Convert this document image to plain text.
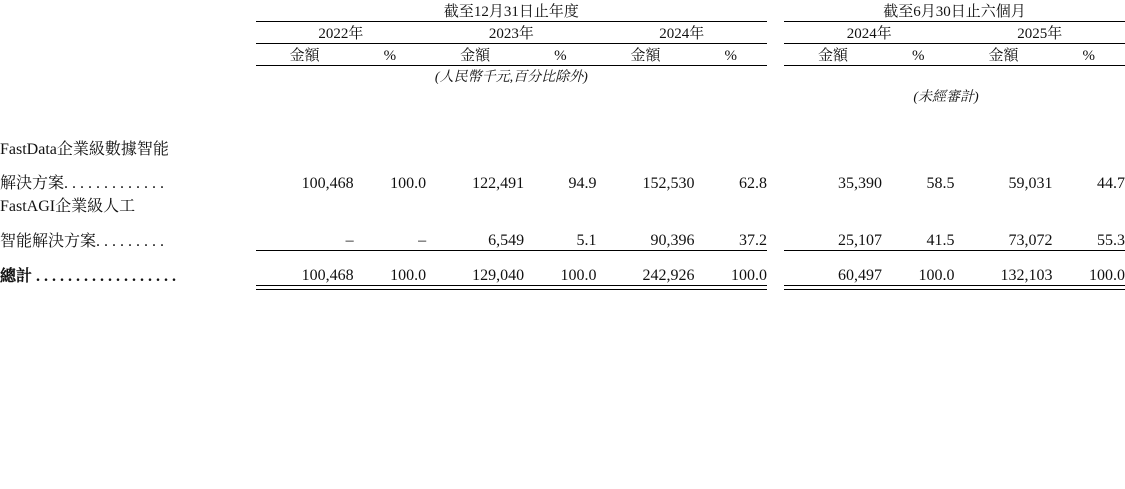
	截至12月31日止年度							截至6月30日止六個月			
	2022年		2023年		2024年			2024年		2025年	
	金額	%	金額	%	金額	%		金額	%	金額	%
	(人民幣千元,百分比除外)										
							(未經審計)				

FastData企業級數據智能											
解決方案. . . . . . . . . . . . .	100,468	100.0	122,491	94.9	152,530	62.8		35,390	58.5	59,031	44.7
FastAGI企業級人工											
智能解決方案. . . . . . . . .	–	–	6,549	5.1	90,396	37.2		25,107	41.5	73,072	55.3
總計 . . . . . . . . . . . . . . . . . .	100,468	100.0	129,040	100.0	242,926	100.0		60,497	100.0	132,103	100.0
